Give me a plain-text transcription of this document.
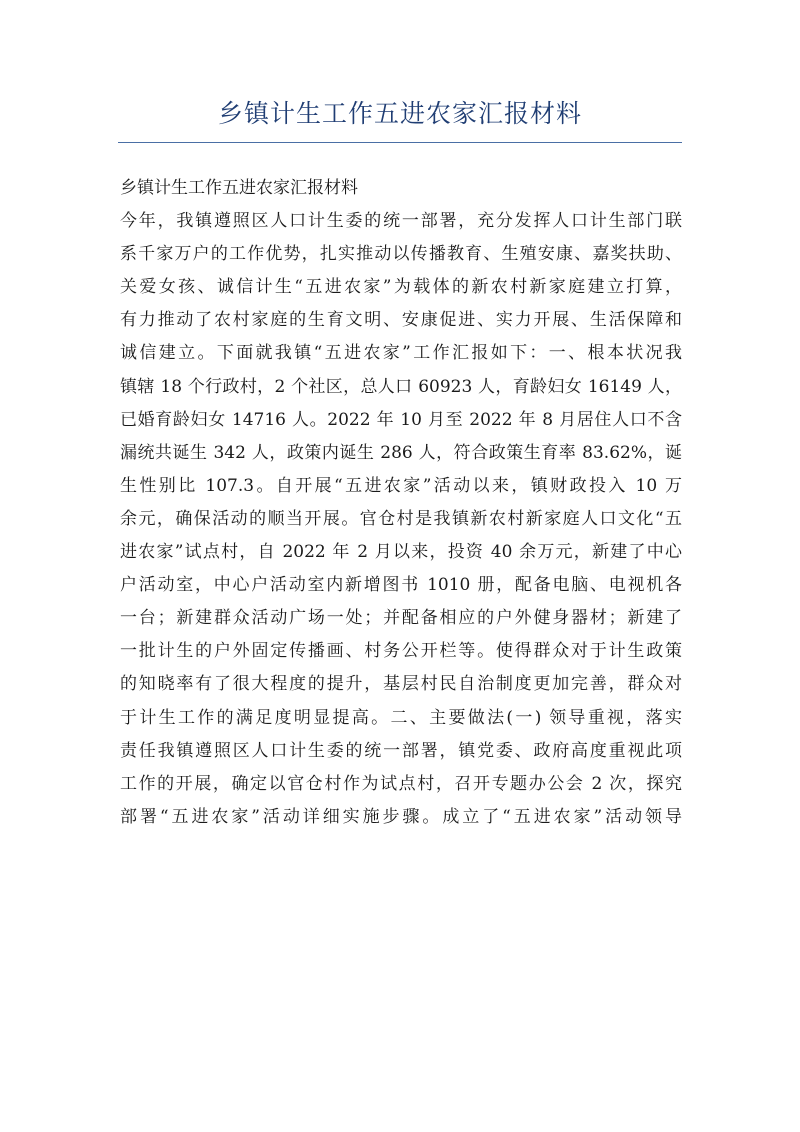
乡镇计生工作五进农家汇报材料
乡镇计生工作五进农家汇报材料
今年，我镇遵照区人口计生委的统一部署，充分发挥人口计生部门联
系千家万户的工作优势，扎实推动以传播教育、生殖安康、嘉奖扶助、
关爱女孩、诚信计生“五进农家”为载体的新农村新家庭建立打算，
有力推动了农村家庭的生育文明、安康促进、实力开展、生活保障和
诚信建立。下面就我镇“五进农家”工作汇报如下：一、根本状况我
镇辖 18 个行政村，2 个社区，总人口 60923 人，育龄妇女 16149 人，
已婚育龄妇女 14716 人。2022 年 10 月至 2022 年 8 月居住人口不含
漏统共诞生 342 人，政策内诞生 286 人，符合政策生育率 83.62%，诞
生性别比 107.3。自开展“五进农家”活动以来，镇财政投入 10 万
余元，确保活动的顺当开展。官仓村是我镇新农村新家庭人口文化“五
进农家”试点村，自 2022 年 2 月以来，投资 40 余万元，新建了中心
户活动室，中心户活动室内新增图书 1010 册，配备电脑、电视机各
一台；新建群众活动广场一处；并配备相应的户外健身器材；新建了
一批计生的户外固定传播画、村务公开栏等。使得群众对于计生政策
的知晓率有了很大程度的提升，基层村民自治制度更加完善，群众对
于计生工作的满足度明显提高。二、主要做法(一) 领导重视，落实
责任我镇遵照区人口计生委的统一部署，镇党委、政府高度重视此项
工作的开展，确定以官仓村作为试点村，召开专题办公会 2 次，探究
部署“五进农家”活动详细实施步骤。成立了“五进农家”活动领导
